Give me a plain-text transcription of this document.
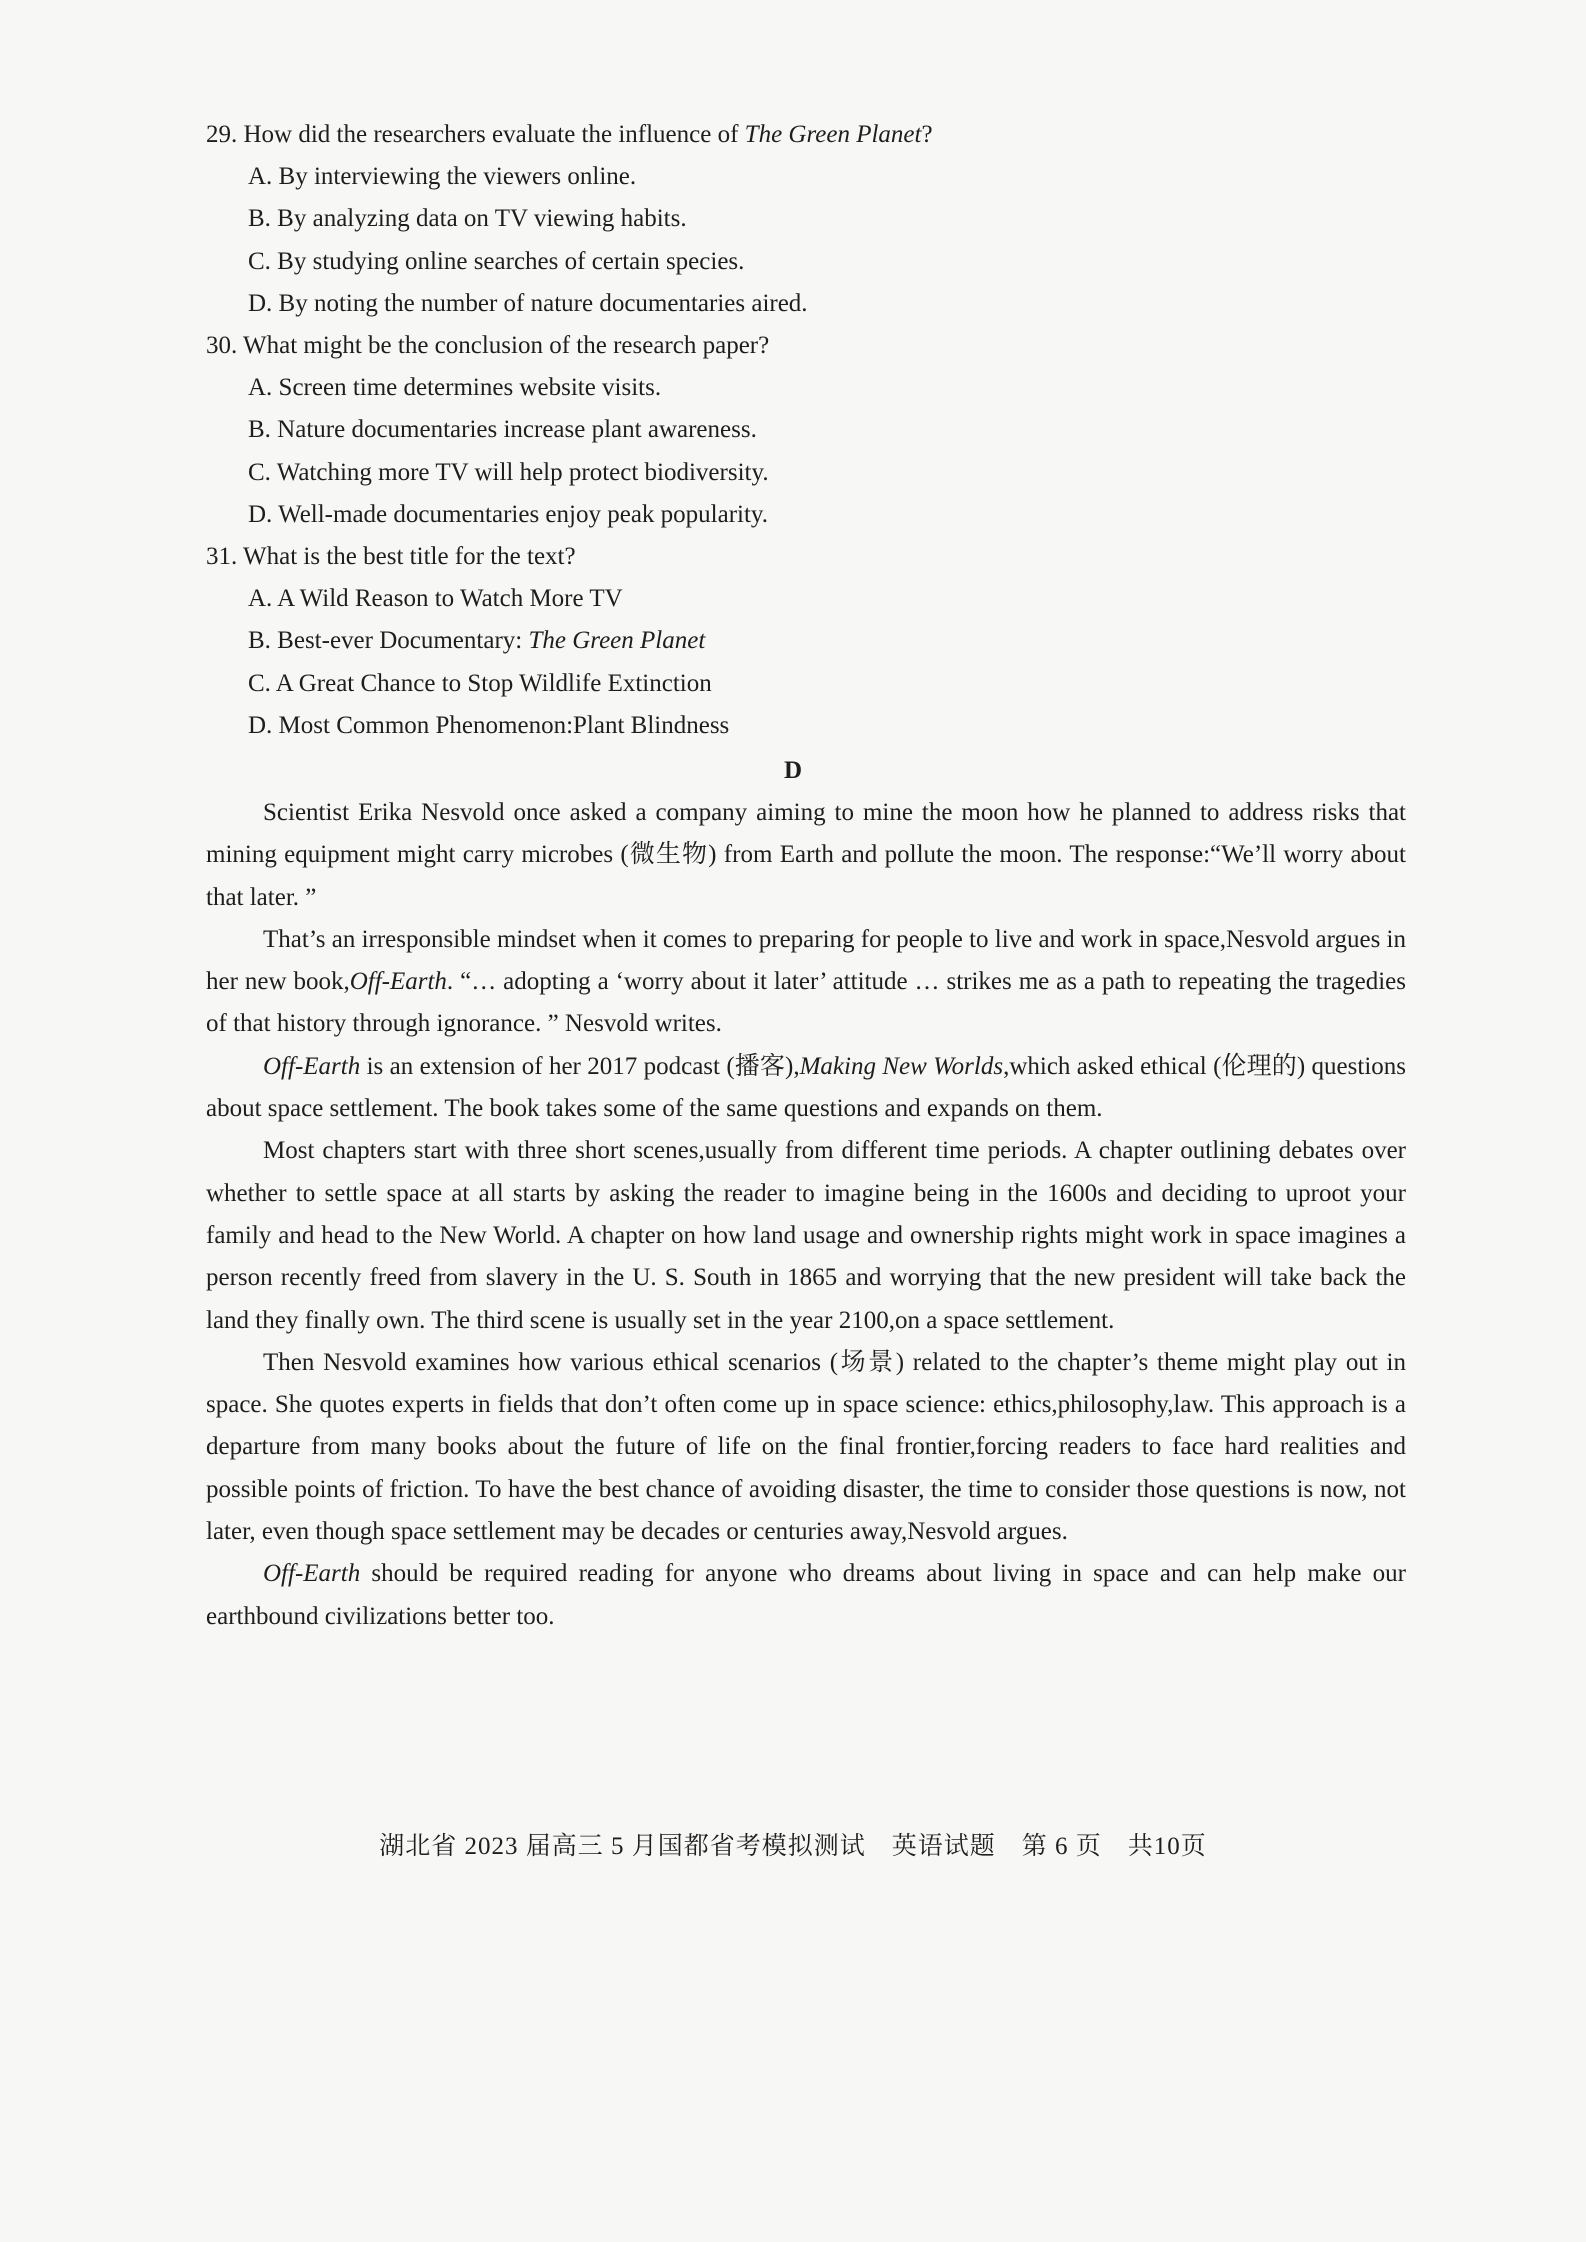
29. How did the researchers evaluate the influence of The Green Planet?
A. By interviewing the viewers online.
B. By analyzing data on TV viewing habits.
C. By studying online searches of certain species.
D. By noting the number of nature documentaries aired.
30. What might be the conclusion of the research paper?
A. Screen time determines website visits.
B. Nature documentaries increase plant awareness.
C. Watching more TV will help protect biodiversity.
D. Well-made documentaries enjoy peak popularity.
31. What is the best title for the text?
A. A Wild Reason to Watch More TV
B. Best-ever Documentary: The Green Planet
C. A Great Chance to Stop Wildlife Extinction
D. Most Common Phenomenon:Plant Blindness
D

Scientist Erika Nesvold once asked a company aiming to mine the moon how he planned to address risks that mining equipment might carry microbes (微生物) from Earth and pollute the moon. The response:“We’ll worry about that later. ”

That’s an irresponsible mindset when it comes to preparing for people to live and work in space,Nesvold argues in her new book,Off-Earth. “… adopting a ‘worry about it later’ attitude … strikes me as a path to repeating the tragedies of that history through ignorance. ” Nesvold writes.

Off-Earth is an extension of her 2017 podcast (播客),Making New Worlds,which asked ethical (伦理的) questions about space settlement. The book takes some of the same questions and expands on them.

Most chapters start with three short scenes,usually from different time periods. A chapter outlining debates over whether to settle space at all starts by asking the reader to imagine being in the 1600s and deciding to uproot your family and head to the New World. A chapter on how land usage and ownership rights might work in space imagines a person recently freed from slavery in the U. S. South in 1865 and worrying that the new president will take back the land they finally own. The third scene is usually set in the year 2100,on a space settlement.

Then Nesvold examines how various ethical scenarios (场景) related to the chapter’s theme might play out in space. She quotes experts in fields that don’t often come up in space science: ethics,philosophy,law. This approach is a departure from many books about the future of life on the final frontier,forcing readers to face hard realities and possible points of friction. To have the best chance of avoiding disaster, the time to consider those questions is now, not later, even though space settlement may be decades or centuries away,Nesvold argues.

Off-Earth should be required reading for anyone who dreams about living in space and can help make our earthbound civilizations better too.

湖北省 2023 届高三 5 月国都省考模拟测试　英语试题　第 6 页　共10页
